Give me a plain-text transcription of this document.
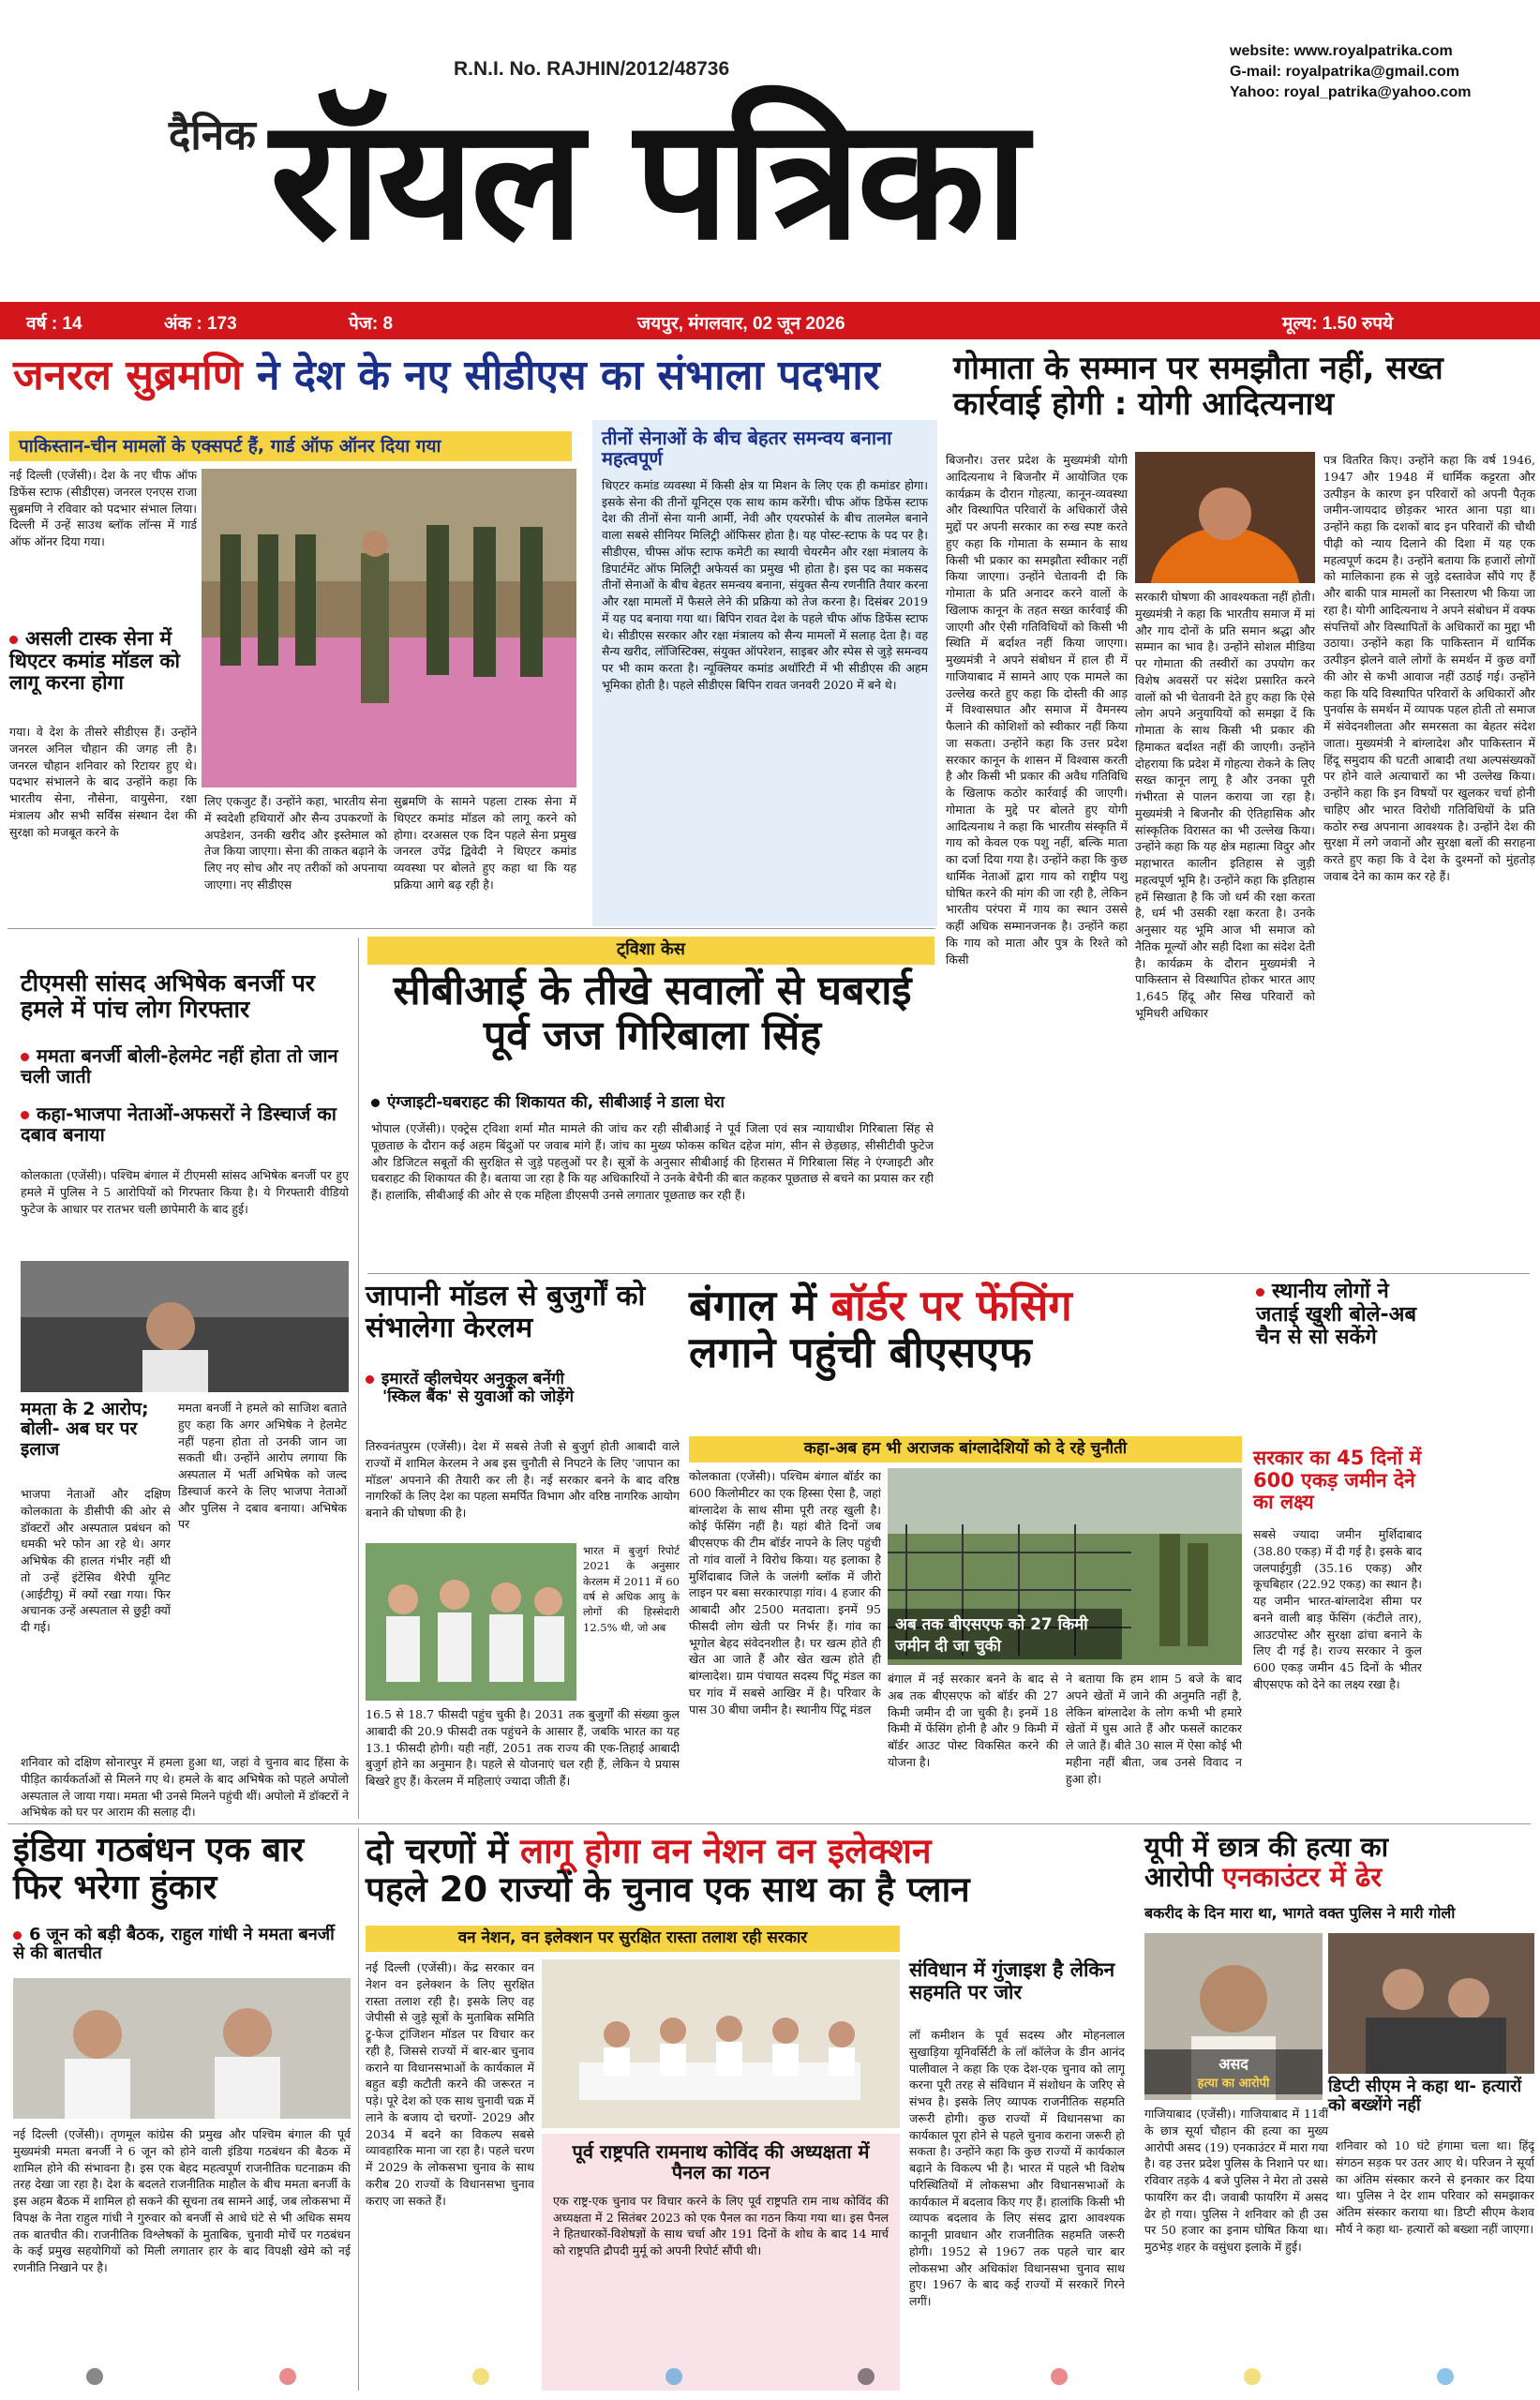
R.N.I. No. RAJHIN/2012/48736
website: www.royalpatrika.com
G-mail: royalpatrika@gmail.com
Yahoo: royal_patrika@yahoo.com
दैनिक रॉयल पत्रिका
वर्ष : 14	अंक : 173	पेज: 8	जयपुर, मंगलवार, 02 जून 2026	मूल्य: 1.50 रुपये
जनरल सुब्रमणि ने देश के नए सीडीएस का संभाला पदभार
पाकिस्तान-चीन मामलों के एक्सपर्ट हैं, गार्ड ऑफ ऑनर दिया गया
नई दिल्ली (एजेंसी)। देश के नए चीफ ऑफ डिफेंस स्टाफ (सीडीएस) जनरल एनएस राजा सुब्रमणि ने रविवार को पदभार संभाल लिया। दिल्ली में उन्हें साउथ ब्लॉक लॉन्स में गार्ड ऑफ ऑनर दिया गया।
असली टास्क सेना में थिएटर कमांड मॉडल को लागू करना होगा
गया। वे देश के तीसरे सीडीएस हैं। उन्होंने जनरल अनिल चौहान की जगह ली है। जनरल चौहान शनिवार को रिटायर हुए थे। पदभार संभालने के बाद उन्होंने कहा कि भारतीय सेना, नौसेना, वायुसेना, रक्षा मंत्रालय और सभी सर्विस संस्थान देश की सुरक्षा को मजबूत करने के
लिए एकजुट हैं। उन्होंने कहा, भारतीय सेना में स्वदेशी हथियारों और सैन्य उपकरणों के अपडेशन, उनकी खरीद और इस्तेमाल को तेज किया जाएगा। सेना की ताकत बढ़ाने के लिए नए सोच और नए तरीकों को अपनाया जाएगा। नए सीडीएस
सुब्रमणि के सामने पहला टास्क सेना में थिएटर कमांड मॉडल को लागू करने को होगा। दरअसल एक दिन पहले सेना प्रमुख जनरल उपेंद्र द्विवेदी ने थिएटर कमांड व्यवस्था पर बोलते हुए कहा था कि यह प्रक्रिया आगे बढ़ रही है।
तीनों सेनाओं के बीच बेहतर समन्वय बनाना महत्वपूर्ण
थिएटर कमांड व्यवस्था में किसी क्षेत्र या मिशन के लिए एक ही कमांडर होगा। इसके सेना की तीनों यूनिट्स एक साथ काम करेंगी। चीफ ऑफ डिफेंस स्टाफ देश की तीनों सेना यानी आर्मी, नेवी और एयरफोर्स के बीच तालमेल बनाने वाला सबसे सीनियर मिलिट्री ऑफिसर होता है। यह पोस्ट-स्टाफ के पद पर है। सीडीएस, चीफ्स ऑफ स्टाफ कमेटी का स्थायी चेयरमैन और रक्षा मंत्रालय के डिपार्टमेंट ऑफ मिलिट्री अफेयर्स का प्रमुख भी होता है। इस पद का मकसद तीनों सेनाओं के बीच बेहतर समन्वय बनाना, संयुक्त सैन्य रणनीति तैयार करना और रक्षा मामलों में फैसले लेने की प्रक्रिया को तेज करना है। दिसंबर 2019 में यह पद बनाया गया था। बिपिन रावत देश के पहले चीफ ऑफ डिफेंस स्टाफ थे। सीडीएस सरकार और रक्षा मंत्रालय को सैन्य मामलों में सलाह देता है। वह सैन्य खरीद, लॉजिस्टिक्स, संयुक्त ऑपरेशन, साइबर और स्पेस से जुड़े समन्वय पर भी काम करता है। न्यूक्लियर कमांड अथॉरिटी में भी सीडीएस की अहम भूमिका होती है। पहले सीडीएस बिपिन रावत जनवरी 2020 में बने थे।
गोमाता के सम्मान पर समझौता नहीं, सख्त कार्रवाई होगी : योगी आदित्यनाथ
बिजनौर। उत्तर प्रदेश के मुख्यमंत्री योगी आदित्यनाथ ने बिजनौर में आयोजित एक कार्यक्रम के दौरान गोहत्या, कानून-व्यवस्था और विस्थापित परिवारों के अधिकारों जैसे मुद्दों पर अपनी सरकार का रुख स्पष्ट करते हुए कहा कि गोमाता के सम्मान के साथ किसी भी प्रकार का समझौता स्वीकार नहीं किया जाएगा। उन्होंने चेतावनी दी कि गोमाता के प्रति अनादर करने वालों के खिलाफ कानून के तहत सख्त कार्रवाई की जाएगी और ऐसी गतिविधियों को किसी भी स्थिति में बर्दाश्त नहीं किया जाएगा। मुख्यमंत्री ने अपने संबोधन में हाल ही में गाजियाबाद में सामने आए एक मामले का उल्लेख करते हुए कहा कि दोस्ती की आड़ में विश्वासघात और समाज में वैमनस्य फैलाने की कोशिशों को स्वीकार नहीं किया जा सकता। उन्होंने कहा कि उत्तर प्रदेश सरकार कानून के शासन में विश्वास करती है और किसी भी प्रकार की अवैध गतिविधि के खिलाफ कठोर कार्रवाई की जाएगी। गोमाता के मुद्दे पर बोलते हुए योगी आदित्यनाथ ने कहा कि भारतीय संस्कृति में गाय को केवल एक पशु नहीं, बल्कि माता का दर्जा दिया गया है। उन्होंने कहा कि कुछ धार्मिक नेताओं द्वारा गाय को राष्ट्रीय पशु घोषित करने की मांग की जा रही है, लेकिन भारतीय परंपरा में गाय का स्थान उससे कहीं अधिक सम्मानजनक है। उन्होंने कहा कि गाय को माता और पुत्र के रिश्ते को किसी
सरकारी घोषणा की आवश्यकता नहीं होती। मुख्यमंत्री ने कहा कि भारतीय समाज में मां और गाय दोनों के प्रति समान श्रद्धा और सम्मान का भाव है। उन्होंने सोशल मीडिया पर गोमाता की तस्वीरों का उपयोग कर विशेष अवसरों पर संदेश प्रसारित करने वालों को भी चेतावनी देते हुए कहा कि ऐसे लोग अपने अनुयायियों को समझा दें कि गोमाता के साथ किसी भी प्रकार की हिमाकत बर्दाश्त नहीं की जाएगी। उन्होंने दोहराया कि प्रदेश में गोहत्या रोकने के लिए सख्त कानून लागू है और उनका पूरी गंभीरता से पालन कराया जा रहा है। मुख्यमंत्री ने बिजनौर की ऐतिहासिक और सांस्कृतिक विरासत का भी उल्लेख किया। उन्होंने कहा कि यह क्षेत्र महात्मा विदुर और महाभारत कालीन इतिहास से जुड़ी महत्वपूर्ण भूमि है। उन्होंने कहा कि इतिहास हमें सिखाता है कि जो धर्म की रक्षा करता है, धर्म भी उसकी रक्षा करता है। उनके अनुसार यह भूमि आज भी समाज को नैतिक मूल्यों और सही दिशा का संदेश देती है। कार्यक्रम के दौरान मुख्यमंत्री ने पाकिस्तान से विस्थापित होकर भारत आए 1,645 हिंदू और सिख परिवारों को भूमिधरी अधिकार
पत्र वितरित किए। उन्होंने कहा कि वर्ष 1946, 1947 और 1948 में धार्मिक कट्टरता और उत्पीड़न के कारण इन परिवारों को अपनी पैतृक जमीन-जायदाद छोड़कर भारत आना पड़ा था। उन्होंने कहा कि दशकों बाद इन परिवारों की चौथी पीढ़ी को न्याय दिलाने की दिशा में यह एक महत्वपूर्ण कदम है। उन्होंने बताया कि हजारों लोगों को मालिकाना हक से जुड़े दस्तावेज सौंपे गए हैं और बाकी पात्र मामलों का निस्तारण भी किया जा रहा है। योगी आदित्यनाथ ने अपने संबोधन में वक्फ संपत्तियों और विस्थापितों के अधिकारों का मुद्दा भी उठाया। उन्होंने कहा कि पाकिस्तान में धार्मिक उत्पीड़न झेलने वाले लोगों के समर्थन में कुछ वर्गों की ओर से कभी आवाज नहीं उठाई गई। उन्होंने कहा कि यदि विस्थापित परिवारों के अधिकारों और पुनर्वास के समर्थन में व्यापक पहल होती तो समाज में संवेदनशीलता और समरसता का बेहतर संदेश जाता। मुख्यमंत्री ने बांग्लादेश और पाकिस्तान में हिंदू समुदाय की घटती आबादी तथा अल्पसंख्यकों पर होने वाले अत्याचारों का भी उल्लेख किया। उन्होंने कहा कि इन विषयों पर खुलकर चर्चा होनी चाहिए और भारत विरोधी गतिविधियों के प्रति कठोर रुख अपनाना आवश्यक है। उन्होंने देश की सुरक्षा में लगे जवानों और सुरक्षा बलों की सराहना करते हुए कहा कि वे देश के दुश्मनों को मुंहतोड़ जवाब देने का काम कर रहे हैं।
टीएमसी सांसद अभिषेक बनर्जी पर हमले में पांच लोग गिरफ्तार
ममता बनर्जी बोली-हेलमेट नहीं होता तो जान चली जाती
कहा-भाजपा नेताओं-अफसरों ने डिस्चार्ज का दबाव बनाया
कोलकाता (एजेंसी)। पश्चिम बंगाल में टीएमसी सांसद अभिषेक बनर्जी पर हुए हमले में पुलिस ने 5 आरोपियों को गिरफ्तार किया है। ये गिरफ्तारी वीडियो फुटेज के आधार पर रातभर चली छापेमारी के बाद हुई।
ममता के 2 आरोप; बोली- अब घर पर इलाज
भाजपा नेताओं और दक्षिण कोलकाता के डीसीपी की ओर से डॉक्टरों और अस्पताल प्रबंधन को धमकी भरे फोन आ रहे थे। अगर अभिषेक की हालत गंभीर नहीं थी तो उन्हें इंटेंसिव थैरेपी यूनिट (आईटीयू) में क्यों रखा गया। फिर अचानक उन्हें अस्पताल से छुट्टी क्यों दी गई।
ममता बनर्जी ने हमले को साजिश बताते हुए कहा कि अगर अभिषेक ने हेलमेट नहीं पहना होता तो उनकी जान जा सकती थी। उन्होंने आरोप लगाया कि अस्पताल में भर्ती अभिषेक को जल्द डिस्चार्ज करने के लिए भाजपा नेताओं और पुलिस ने दबाव बनाया। अभिषेक पर
शनिवार को दक्षिण सोनारपुर में हमला हुआ था, जहां वे चुनाव बाद हिंसा के पीड़ित कार्यकर्ताओं से मिलने गए थे। हमले के बाद अभिषेक को पहले अपोलो अस्पताल ले जाया गया। ममता भी उनसे मिलने पहुंची थीं। अपोलो में डॉक्टरों ने अभिषेक को घर पर आराम की सलाह दी।
ट्विशा केस
सीबीआई के तीखे सवालों से घबराई पूर्व जज गिरिबाला सिंह
एंग्जाइटी-घबराहट की शिकायत की, सीबीआई ने डाला घेरा
भोपाल (एजेंसी)। एक्ट्रेस ट्विशा शर्मा मौत मामले की जांच कर रही सीबीआई ने पूर्व जिला एवं सत्र न्यायाधीश गिरिबाला सिंह से पूछताछ के दौरान कई अहम बिंदुओं पर जवाब मांगे हैं। जांच का मुख्य फोकस कथित दहेज मांग, सीन से छेड़छाड़, सीसीटीवी फुटेज और डिजिटल सबूतों की सुरक्षित से जुड़े पहलुओं पर है। सूत्रों के अनुसार सीबीआई की हिरासत में गिरिबाला सिंह ने एंग्जाइटी और घबराहट की शिकायत की है। बताया जा रहा है कि यह अधिकारियों ने उनके बेचैनी की बात कहकर पूछताछ से बचने का प्रयास कर रही हैं। हालांकि, सीबीआई की ओर से एक महिला डीएसपी उनसे लगातार पूछताछ कर रही हैं।
जापानी मॉडल से बुजुर्गों को संभालेगा केरलम
इमारतें व्हीलचेयर अनुकूल बनेंगी
'स्किल बैंक' से युवाओं को जोड़ेंगे
तिरुवनंतपुरम (एजेंसी)। देश में सबसे तेजी से बुजुर्ग होती आबादी वाले राज्यों में शामिल केरलम ने अब इस चुनौती से निपटने के लिए 'जापान का मॉडल' अपनाने की तैयारी कर ली है। नई सरकार बनने के बाद वरिष्ठ नागरिकों के लिए देश का पहला समर्पित विभाग और वरिष्ठ नागरिक आयोग बनाने की घोषणा की है।
भारत में बुजुर्ग रिपोर्ट 2021 के अनुसार केरलम में 2011 में 60 वर्ष से अधिक आयु के लोगों की हिस्सेदारी 12.5% थी, जो अब
16.5 से 18.7 फीसदी पहुंच चुकी है। 2031 तक बुजुर्गों की संख्या कुल आबादी की 20.9 फीसदी तक पहुंचने के आसार हैं, जबकि भारत का यह 13.1 फीसदी होगी। यही नहीं, 2051 तक राज्य की एक-तिहाई आबादी बुजुर्ग होने का अनुमान है। पहले से योजनाएं चल रही हैं, लेकिन ये प्रयास बिखरे हुए हैं। केरलम में महिलाएं ज्यादा जीती हैं।
बंगाल में बॉर्डर पर फेंसिंग
लगाने पहुंची बीएसएफ
स्थानीय लोगों ने जताई खुशी बोले-अब चैन से सो सकेंगे
कहा-अब हम भी अराजक बांग्लादेशियों को दे रहे चुनौती
कोलकाता (एजेंसी)। पश्चिम बंगाल बॉर्डर का 600 किलोमीटर का एक हिस्सा ऐसा है, जहां बांग्लादेश के साथ सीमा पूरी तरह खुली है। कोई फेंसिंग नहीं है। यहां बीते दिनों जब बीएसएफ की टीम बॉर्डर नापने के लिए पहुंची तो गांव वालों ने विरोध किया। यह इलाका है मुर्शिदाबाद जिले के जलंगी ब्लॉक में जीरो लाइन पर बसा सरकारपाड़ा गांव। 4 हजार की आबादी और 2500 मतदाता। इनमें 95 फीसदी लोग खेती पर निर्भर हैं। गांव का भूगोल बेहद संवेदनशील है। घर खत्म होते ही खेत आ जाते हैं और खेत खत्म होते ही बांग्लादेश। ग्राम पंचायत सदस्य पिंटू मंडल का घर गांव में सबसे आखिर में है। परिवार के पास 30 बीघा जमीन है। स्थानीय पिंटू मंडल
अब तक बीएसएफ को 27 किमी जमीन दी जा चुकी
बंगाल में नई सरकार बनने के बाद से अब तक बीएसएफ को बॉर्डर की 27 किमी जमीन दी जा चुकी है। इनमें 18 किमी में फेंसिंग होनी है और 9 किमी में बॉर्डर आउट पोस्ट विकसित करने की योजना है।
ने बताया कि हम शाम 5 बजे के बाद अपने खेतों में जाने की अनुमति नहीं है, लेकिन बांग्लादेश के लोग कभी भी हमारे खेतों में घुस आते हैं और फसलें काटकर ले जाते हैं। बीते 30 साल में ऐसा कोई भी महीना नहीं बीता, जब उनसे विवाद न हुआ हो।
सरकार का 45 दिनों में 600 एकड़ जमीन देने का लक्ष्य
सबसे ज्यादा जमीन मुर्शिदाबाद (38.80 एकड़) में दी गई है। इसके बाद जलपाईगुड़ी (35.16 एकड़) और कूचबिहार (22.92 एकड़) का स्थान है। यह जमीन भारत-बांग्लादेश सीमा पर बनने वाली बाड़ फेंसिंग (कंटीले तार), आउटपोस्ट और सुरक्षा ढांचा बनाने के लिए दी गई है। राज्य सरकार ने कुल 600 एकड़ जमीन 45 दिनों के भीतर बीएसएफ को देने का लक्ष्य रखा है।
इंडिया गठबंधन एक बार फिर भरेगा हुंकार
6 जून को बड़ी बैठक, राहुल गांधी ने ममता बनर्जी से की बातचीत
नई दिल्ली (एजेंसी)। तृणमूल कांग्रेस की प्रमुख और पश्चिम बंगाल की पूर्व मुख्यमंत्री ममता बनर्जी ने 6 जून को होने वाली इंडिया गठबंधन की बैठक में शामिल होने की संभावना है। इस एक बेहद महत्वपूर्ण राजनीतिक घटनाक्रम की तरह देखा जा रहा है। देश के बदलते राजनीतिक माहौल के बीच ममता बनर्जी के इस अहम बैठक में शामिल हो सकने की सूचना तब सामने आई, जब लोकसभा में विपक्ष के नेता राहुल गांधी ने गुरुवार को बनर्जी से आधे घंटे से भी अधिक समय तक बातचीत की। राजनीतिक विश्लेषकों के मुताबिक, चुनावी मोर्चे पर गठबंधन के कई प्रमुख सहयोगियों को मिली लगातार हार के बाद विपक्षी खेमे को नई रणनीति निखाने पर है।
दो चरणों में लागू होगा वन नेशन वन इलेक्शन
पहले 20 राज्यों के चुनाव एक साथ का है प्लान
वन नेशन, वन इलेक्शन पर सुरक्षित रास्ता तलाश रही सरकार
नई दिल्ली (एजेंसी)। केंद्र सरकार वन नेशन वन इलेक्शन के लिए सुरक्षित रास्ता तलाश रही है। इसके लिए वह जेपीसी से जुड़े सूत्रों के मुताबिक समिति ट्रू-फेज ट्रांजिशन मॉडल पर विचार कर रही है, जिससे राज्यों में बार-बार चुनाव कराने या विधानसभाओं के कार्यकाल में बहुत बड़ी कटौती करने की जरूरत न पड़े। पूरे देश को एक साथ चुनावी चक्र में लाने के बजाय दो चरणों- 2029 और 2034 में बदने का विकल्प सबसे व्यावहारिक माना जा रहा है। पहले चरण में 2029 के लोकसभा चुनाव के साथ करीब 20 राज्यों के विधानसभा चुनाव कराए जा सकते हैं।
पूर्व राष्ट्रपति रामनाथ कोविंद की अध्यक्षता में पैनल का गठन
एक राष्ट्र-एक चुनाव पर विचार करने के लिए पूर्व राष्ट्रपति राम नाथ कोविंद की अध्यक्षता में 2 सितंबर 2023 को एक पैनल का गठन किया गया था। इस पैनल ने हितधारकों-विशेषज्ञों के साथ चर्चा और 191 दिनों के शोध के बाद 14 मार्च को राष्ट्रपति द्रौपदी मुर्मू को अपनी रिपोर्ट सौंपी थी।
संविधान में गुंजाइश है लेकिन सहमति पर जोर
लॉ कमीशन के पूर्व सदस्य और मोहनलाल सुखाड़िया यूनिवर्सिटी के लॉ कॉलेज के डीन आनंद पालीवाल ने कहा कि एक देश-एक चुनाव को लागू करना पूरी तरह से संविधान में संशोधन के जरिए से संभव है। इसके लिए व्यापक राजनीतिक सहमति जरूरी होगी। कुछ राज्यों में विधानसभा का कार्यकाल पूरा होने से पहले चुनाव कराना जरूरी हो सकता है। उन्होंने कहा कि कुछ राज्यों में कार्यकाल बढ़ाने के विकल्प भी है। भारत में पहले भी विशेष परिस्थितियों में लोकसभा और विधानसभाओं के कार्यकाल में बदलाव किए गए हैं। हालांकि किसी भी व्यापक बदलाव के लिए संसद द्वारा आवश्यक कानूनी प्रावधान और राजनीतिक सहमति जरूरी होगी। 1952 से 1967 तक पहले चार बार लोकसभा और अधिकांश विधानसभा चुनाव साथ हुए। 1967 के बाद कई राज्यों में सरकारें गिरने लगीं।
यूपी में छात्र की हत्या का
आरोपी एनकाउंटर में ढेर
बकरीद के दिन मारा था, भागते वक्त पुलिस ने मारी गोली
असद
हत्या का आरोपी	डिप्टी सीएम ने कहा था- हत्यारों को बख्शेंगे नहीं
गाजियाबाद (एजेंसी)। गाजियाबाद में 11वीं के छात्र सूर्या चौहान की हत्या का मुख्य आरोपी असद (19) एनकाउंटर में मारा गया है। वह उत्तर प्रदेश पुलिस के निशाने पर था। रविवार तड़के 4 बजे पुलिस ने मेरा तो उससे फायरिंग कर दी। जवाबी फायरिंग में असद ढेर हो गया। पुलिस ने शनिवार को ही उस पर 50 हजार का इनाम घोषित किया था। मुठभेड़ शहर के वसुंधरा इलाके में हुई।
शनिवार को 10 घंटे हंगामा चला था। हिंदू संगठन सड़क पर उतर आए थे। परिजन ने सूर्या का अंतिम संस्कार करने से इनकार कर दिया था। पुलिस ने देर शाम परिवार को समझाकर अंतिम संस्कार कराया था। डिप्टी सीएम केशव मौर्य ने कहा था- हत्यारों को बख्शा नहीं जाएगा।
